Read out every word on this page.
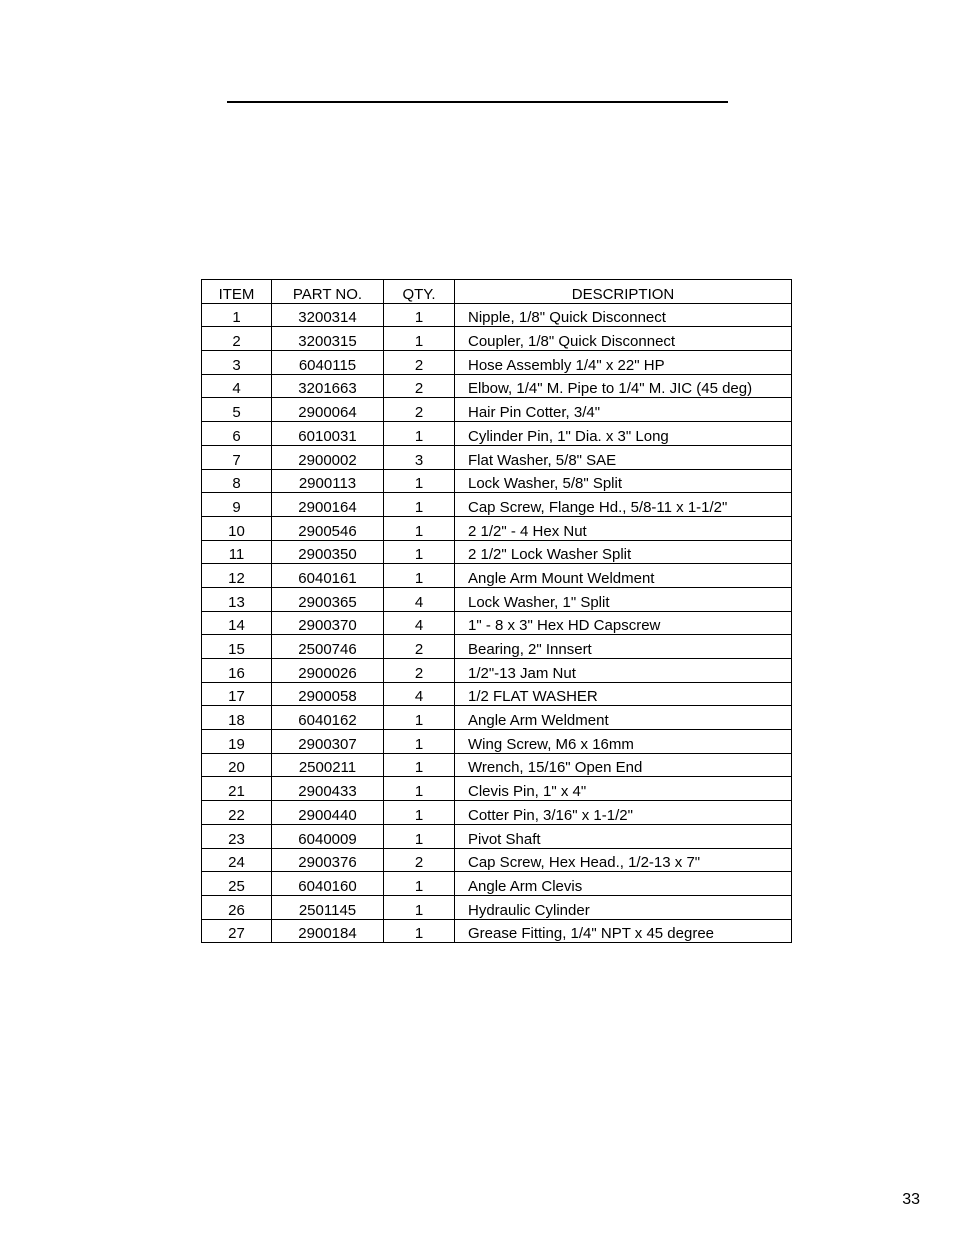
ITEM	PART NO.	QTY.	DESCRIPTION
1	3200314	1	Nipple, 1/8" Quick Disconnect
2	3200315	1	Coupler, 1/8" Quick Disconnect
3	6040115	2	Hose Assembly 1/4" x 22" HP
4	3201663	2	Elbow, 1/4" M. Pipe to 1/4" M. JIC (45 deg)
5	2900064	2	Hair Pin Cotter, 3/4"
6	6010031	1	Cylinder Pin, 1" Dia. x 3" Long
7	2900002	3	Flat Washer, 5/8" SAE
8	2900113	1	Lock Washer, 5/8" Split
9	2900164	1	Cap Screw, Flange Hd., 5/8-11 x 1-1/2"
10	2900546	1	2 1/2" - 4 Hex Nut
11	2900350	1	2 1/2" Lock Washer Split
12	6040161	1	Angle Arm Mount Weldment
13	2900365	4	Lock Washer, 1" Split
14	2900370	4	1" - 8 x 3" Hex HD Capscrew
15	2500746	2	Bearing, 2" Innsert
16	2900026	2	1/2"-13 Jam Nut
17	2900058	4	1/2 FLAT WASHER
18	6040162	1	Angle Arm Weldment
19	2900307	1	Wing Screw, M6 x 16mm
20	2500211	1	Wrench, 15/16" Open End
21	2900433	1	Clevis Pin, 1" x 4"
22	2900440	1	Cotter Pin, 3/16" x 1-1/2"
23	6040009	1	Pivot Shaft
24	2900376	2	Cap Screw, Hex Head., 1/2-13 x 7"
25	6040160	1	Angle Arm Clevis
26	2501145	1	Hydraulic Cylinder
27	2900184	1	Grease Fitting, 1/4" NPT x 45 degree
33
